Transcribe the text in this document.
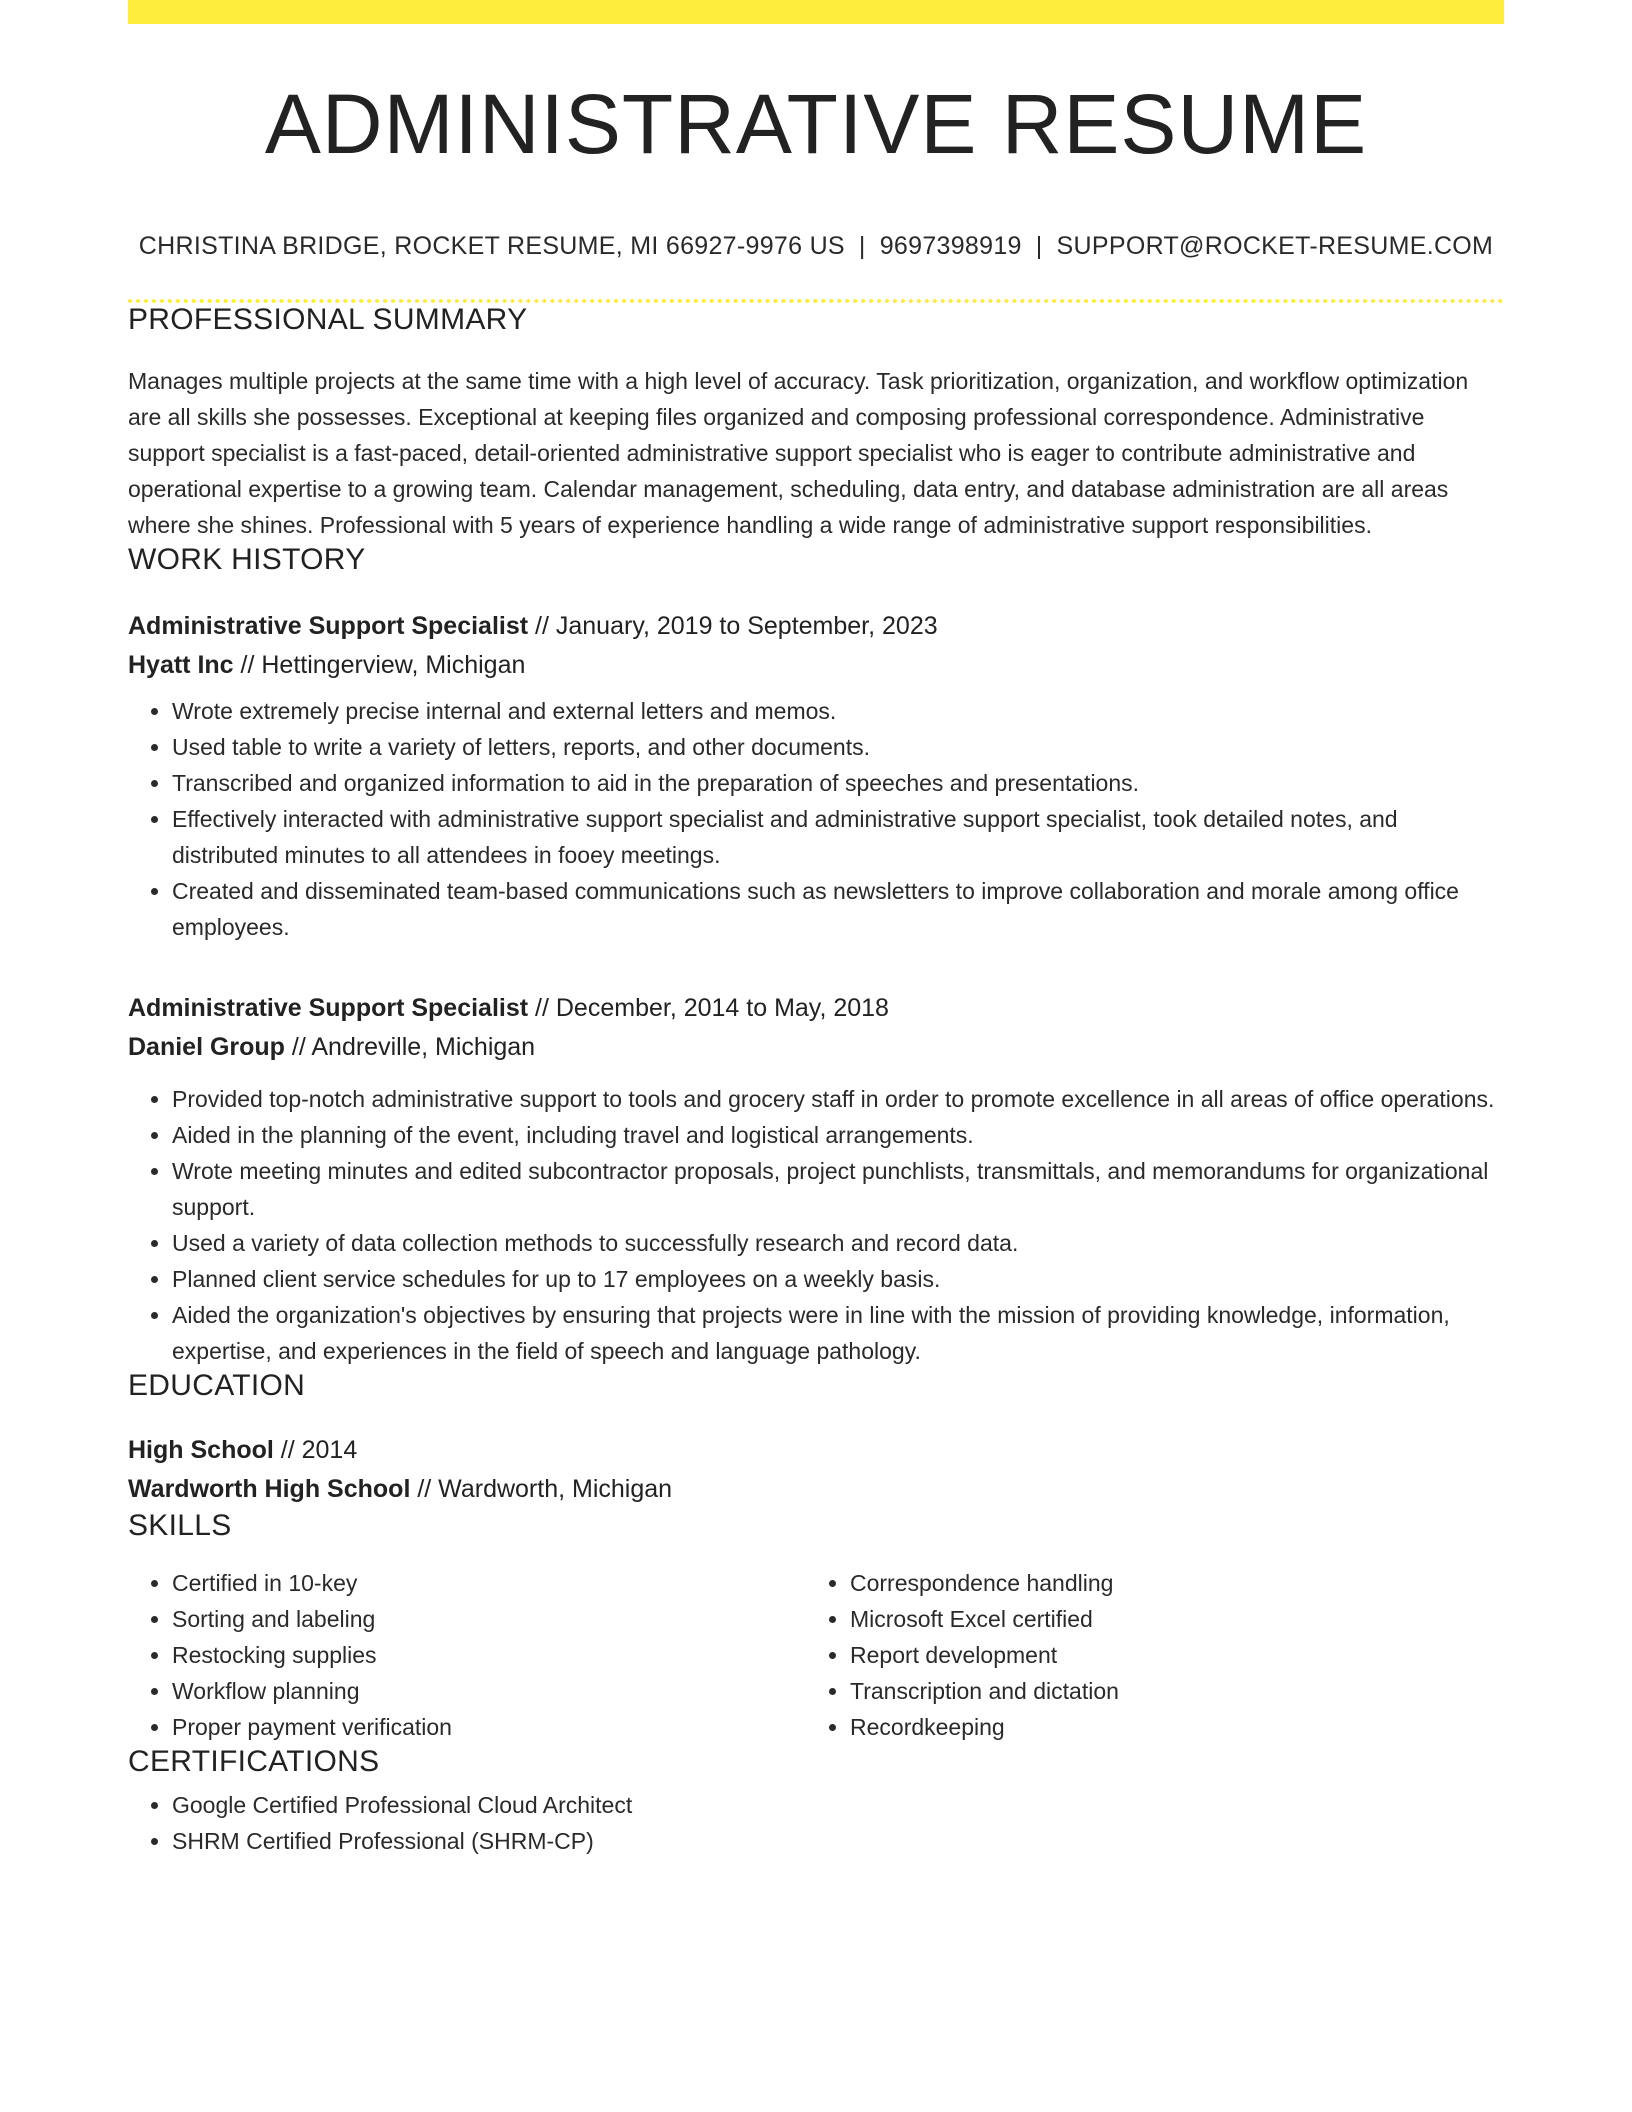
ADMINISTRATIVE RESUME
CHRISTINA BRIDGE, ROCKET RESUME, MI 66927-9976 US | 9697398919 | SUPPORT@ROCKET-RESUME.COM
PROFESSIONAL SUMMARY

Manages multiple projects at the same time with a high level of accuracy. Task prioritization, organization, and workflow optimization are all skills she possesses. Exceptional at keeping files organized and composing professional correspondence. Administrative support specialist is a fast-paced, detail-oriented administrative support specialist who is eager to contribute administrative and operational expertise to a growing team. Calendar management, scheduling, data entry, and database administration are all areas where she shines. Professional with 5 years of experience handling a wide range of administrative support responsibilities.

WORK HISTORY
Administrative Support Specialist // January, 2019 to September, 2023
Hyatt Inc // Hettingerview, Michigan
• Wrote extremely precise internal and external letters and memos.
• Used table to write a variety of letters, reports, and other documents.
• Transcribed and organized information to aid in the preparation of speeches and presentations.
• Effectively interacted with administrative support specialist and administrative support specialist, took detailed notes, and distributed minutes to all attendees in fooey meetings.
• Created and disseminated team-based communications such as newsletters to improve collaboration and morale among office employees.
Administrative Support Specialist // December, 2014 to May, 2018
Daniel Group // Andreville, Michigan
• Provided top-notch administrative support to tools and grocery staff in order to promote excellence in all areas of office operations.
• Aided in the planning of the event, including travel and logistical arrangements.
• Wrote meeting minutes and edited subcontractor proposals, project punchlists, transmittals, and memorandums for organizational support.
• Used a variety of data collection methods to successfully research and record data.
• Planned client service schedules for up to 17 employees on a weekly basis.
• Aided the organization's objectives by ensuring that projects were in line with the mission of providing knowledge, information, expertise, and experiences in the field of speech and language pathology.
EDUCATION
High School // 2014
Wardworth High School // Wardworth, Michigan
SKILLS
• Certified in 10-key
• Sorting and labeling
• Restocking supplies
• Workflow planning
• Proper payment verification
• Correspondence handling
• Microsoft Excel certified
• Report development
• Transcription and dictation
• Recordkeeping
CERTIFICATIONS
• Google Certified Professional Cloud Architect
• SHRM Certified Professional (SHRM-CP)
